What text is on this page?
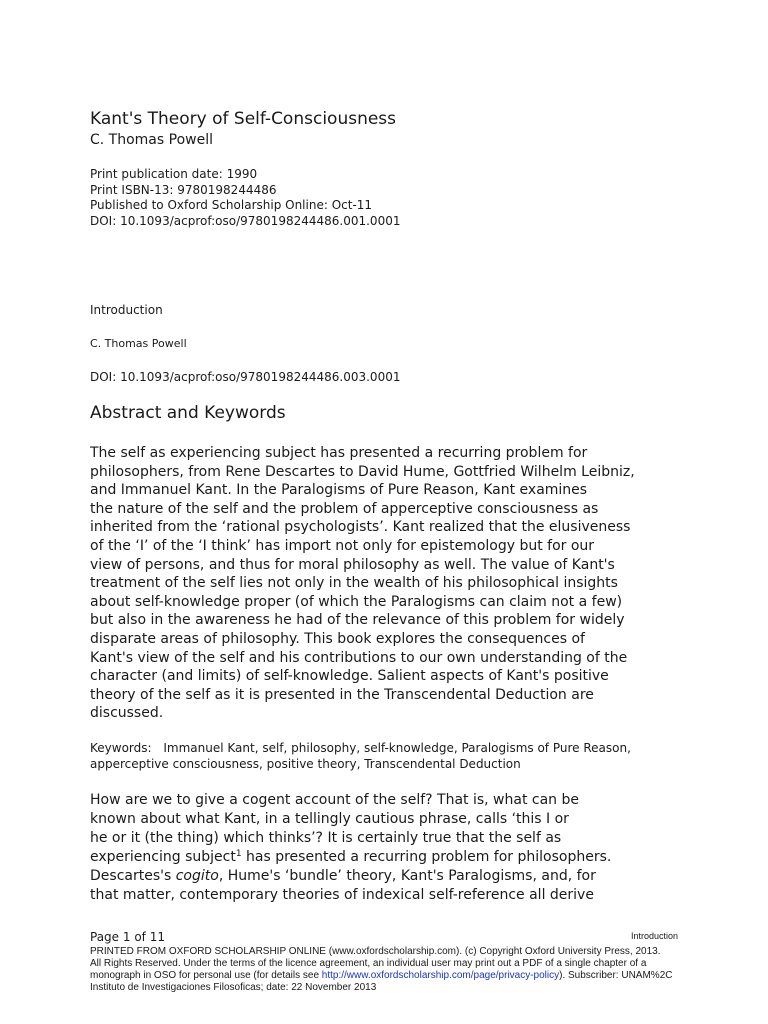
Kant's Theory of Self-Consciousness
C. Thomas Powell
Print publication date: 1990
Print ISBN-13: 9780198244486
Published to Oxford Scholarship Online: Oct-11
DOI: 10.1093/acprof:oso/9780198244486.001.0001
Introduction
C. Thomas Powell
DOI: 10.1093/acprof:oso/9780198244486.003.0001
Abstract and Keywords
The self as experiencing subject has presented a recurring problem for
philosophers, from Rene Descartes to David Hume, Gottfried Wilhelm Leibniz,
and Immanuel Kant. In the Paralogisms of Pure Reason, Kant examines
the nature of the self and the problem of apperceptive consciousness as
inherited from the ‘rational psychologists’. Kant realized that the elusiveness
of the ‘I’ of the ‘I think’ has import not only for epistemology but for our
view of persons, and thus for moral philosophy as well. The value of Kant's
treatment of the self lies not only in the wealth of his philosophical insights
about self-knowledge proper (of which the Paralogisms can claim not a few)
but also in the awareness he had of the relevance of this problem for widely
disparate areas of philosophy. This book explores the consequences of
Kant's view of the self and his contributions to our own understanding of the
character (and limits) of self-knowledge. Salient aspects of Kant's positive
theory of the self as it is presented in the Transcendental Deduction are
discussed.
Keywords: Immanuel Kant, self, philosophy, self-knowledge, Paralogisms of Pure Reason,
apperceptive consciousness, positive theory, Transcendental Deduction
How are we to give a cogent account of the self? That is, what can be
known about what Kant, in a tellingly cautious phrase, calls ‘this I or
he or it (the thing) which thinks’? It is certainly true that the self as
experiencing subject$^1$ has presented a recurring problem for philosophers.
Descartes's cogito, Hume's ‘bundle’ theory, Kant's Paralogisms, and, for
that matter, contemporary theories of indexical self-reference all derive
Page 1 of 11	Introduction
PRINTED FROM OXFORD SCHOLARSHIP ONLINE (www.oxfordscholarship.com). (c) Copyright Oxford University Press, 2013.
All Rights Reserved. Under the terms of the licence agreement, an individual user may print out a PDF of a single chapter of a
monograph in OSO for personal use (for details see http://www.oxfordscholarship.com/page/privacy-policy). Subscriber: UNAM%2C
Instituto de Investigaciones Filosoficas; date: 22 November 2013
